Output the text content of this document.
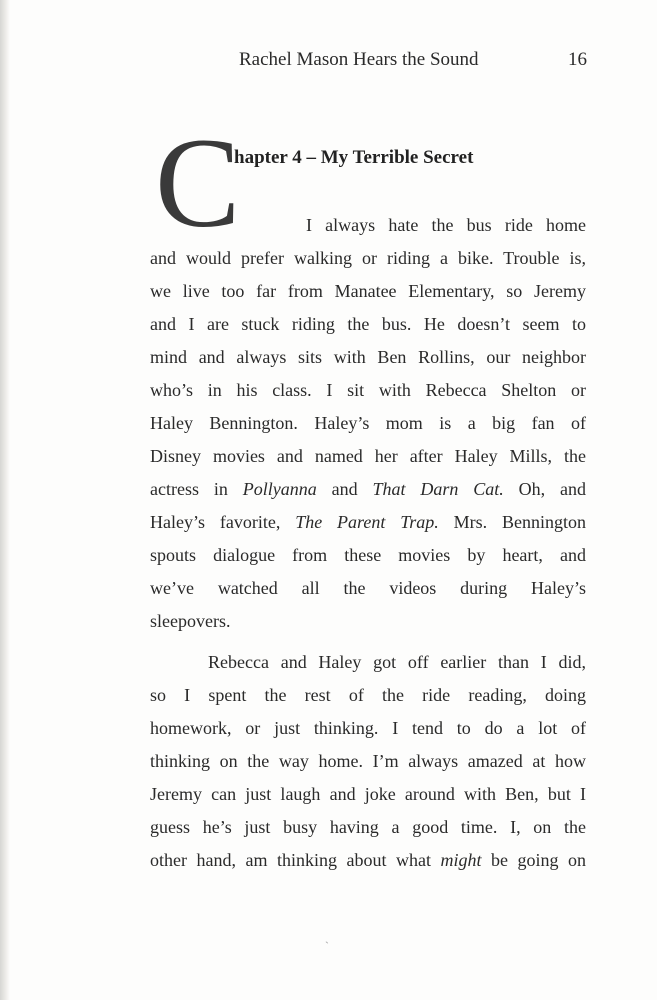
Rachel Mason Hears the Sound	16
C
hapter 4 – My Terrible Secret
I always hate the bus ride home
and would prefer walking or riding a bike. Trouble is,
we live too far from Manatee Elementary, so Jeremy
and I are stuck riding the bus. He doesn’t seem to
mind and always sits with Ben Rollins, our neighbor
who’s in his class. I sit with Rebecca Shelton or
Haley Bennington. Haley’s mom is a big fan of
Disney movies and named her after Haley Mills, the
actress in Pollyanna and That Darn Cat. Oh, and
Haley’s favorite, The Parent Trap. Mrs. Bennington
spouts dialogue from these movies by heart, and
we’ve watched all the videos during Haley’s
sleepovers.
Rebecca and Haley got off earlier than I did,
so I spent the rest of the ride reading, doing
homework, or just thinking. I tend to do a lot of
thinking on the way home. I’m always amazed at how
Jeremy can just laugh and joke around with Ben, but I
guess he’s just busy having a good time. I, on the
other hand, am thinking about what might be going on
ˏ
